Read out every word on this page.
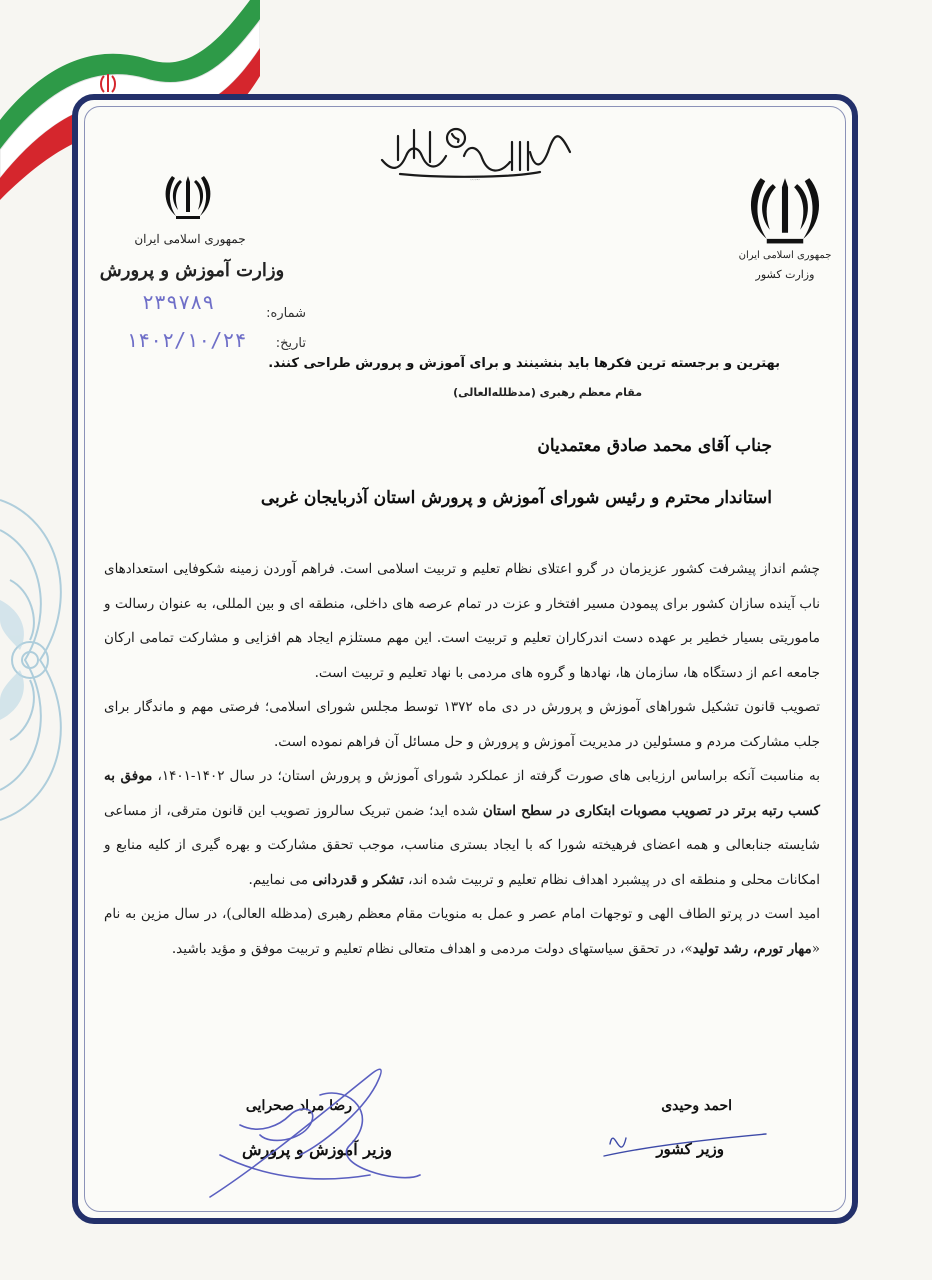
بسم الله الرحمن الرحیم
جمهوری اسلامی ایران
وزارت آموزش و پرورش
جمهوری اسلامی ایران
وزارت کشور
شماره:
۲۳۹۷۸۹
تاریخ:
۱۴۰۲/۱۰/۲۴
بهترین و برجسته ترین فکرها باید بنشینند و برای آموزش و پرورش طراحی کنند.
مقام معظم رهبری (مدظلله‌العالی)
جناب آقای محمد صادق معتمدیان
استاندار محترم و رئیس شورای آموزش و پرورش استان آذربایجان غربی

چشم انداز پیشرفت کشور عزیزمان در گرو اعتلای نظام تعلیم و تربیت اسلامی است. فراهم آوردن زمینه شکوفایی استعدادهای ناب آینده سازان کشور برای پیمودن مسیر افتخار و عزت در تمام عرصه های داخلی، منطقه ای و بین المللی، به عنوان رسالت و ماموریتی بسیار خطیر بر عهده دست اندرکاران تعلیم و تربیت است. این مهم مستلزم ایجاد هم افزایی و مشارکت تمامی ارکان جامعه اعم از دستگاه ها، سازمان ها، نهادها و گروه های مردمی با نهاد تعلیم و تربیت است.

تصویب قانون تشکیل شوراهای آموزش و پرورش در دی ماه ۱۳۷۲ توسط مجلس شورای اسلامی؛ فرصتی مهم و ماندگار برای جلب مشارکت مردم و مسئولین در مدیریت آموزش و پرورش و حل مسائل آن فراهم نموده است.

به مناسبت آنکه براساس ارزیابی های صورت گرفته از عملکرد شورای آموزش و پرورش استان؛ در سال ۱۴۰۲-۱۴۰۱، موفق به کسب رتبه برتر در تصویب مصوبات ابتکاری در سطح استان شده اید؛ ضمن تبریک سالروز تصویب این قانون مترقی، از مساعی شایسته جنابعالی و همه اعضای فرهیخته شورا که با ایجاد بستری مناسب، موجب تحقق مشارکت و بهره گیری از کلیه منابع و امکانات محلی و منطقه ای در پیشبرد اهداف نظام تعلیم و تربیت شده اند، تشکر و قدردانی می نماییم.

امید است در پرتو الطاف الهی و توجهات امام عصر و عمل به منویات مقام معظم رهبری (مدظله العالی)، در سال مزین به نام «مهار تورم، رشد تولید»، در تحقق سیاستهای دولت مردمی و اهداف متعالی نظام تعلیم و تربیت موفق و مؤید باشید.

رضا مراد صحرایی
وزیر آموزش و پرورش
احمد وحیدی
وزیر کشور
